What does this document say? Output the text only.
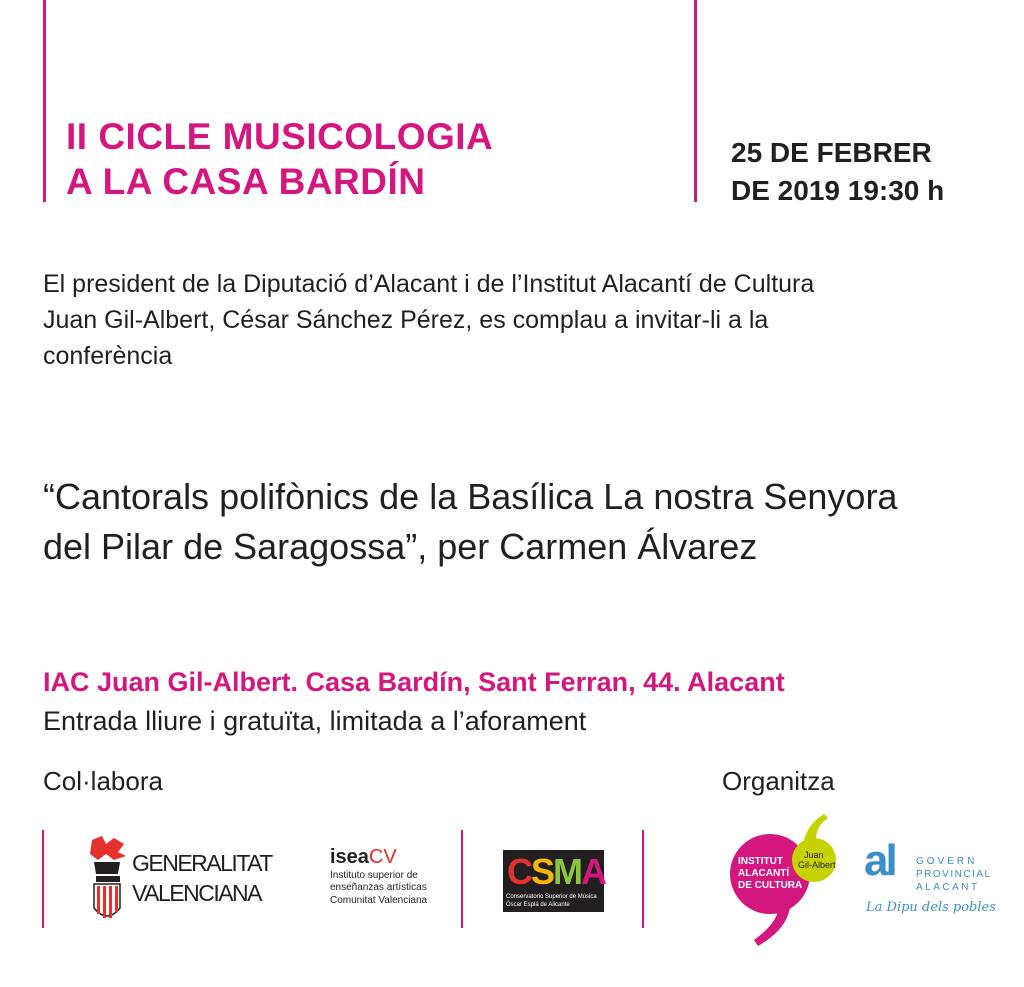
II CICLE MUSICOLOGIA
A LA CASA BARDÍN
25 DE FEBRER
DE 2019 19:30 h
El president de la Diputació d’Alacant i de l’Institut Alacantí de Cultura
Juan Gil-Albert, César Sánchez Pérez, es complau a invitar-li a la
conferència
“Cantorals polifònics de la Basílica La nostra Senyora
del Pilar de Saragossa”, per Carmen Álvarez
IAC Juan Gil-Albert. Casa Bardín, Sant Ferran, 44. Alacant
Entrada lliure i gratuïta, limitada a l’aforament
Col·labora	Organitza
GENERALITAT
VALENCIANA
iseaCV
Instituto superior de
enseñanzas artísticas
Comunitat Valenciana
CSMA
Conservatorio Superior de Música
Óscar Esplá de Alicante
INSTITUT
ALACANTÍ
DE CULTURA
Juan
Gil-Albert al GOVERN
PROVINCIAL
ALACANT
La Dipu dels pobles
